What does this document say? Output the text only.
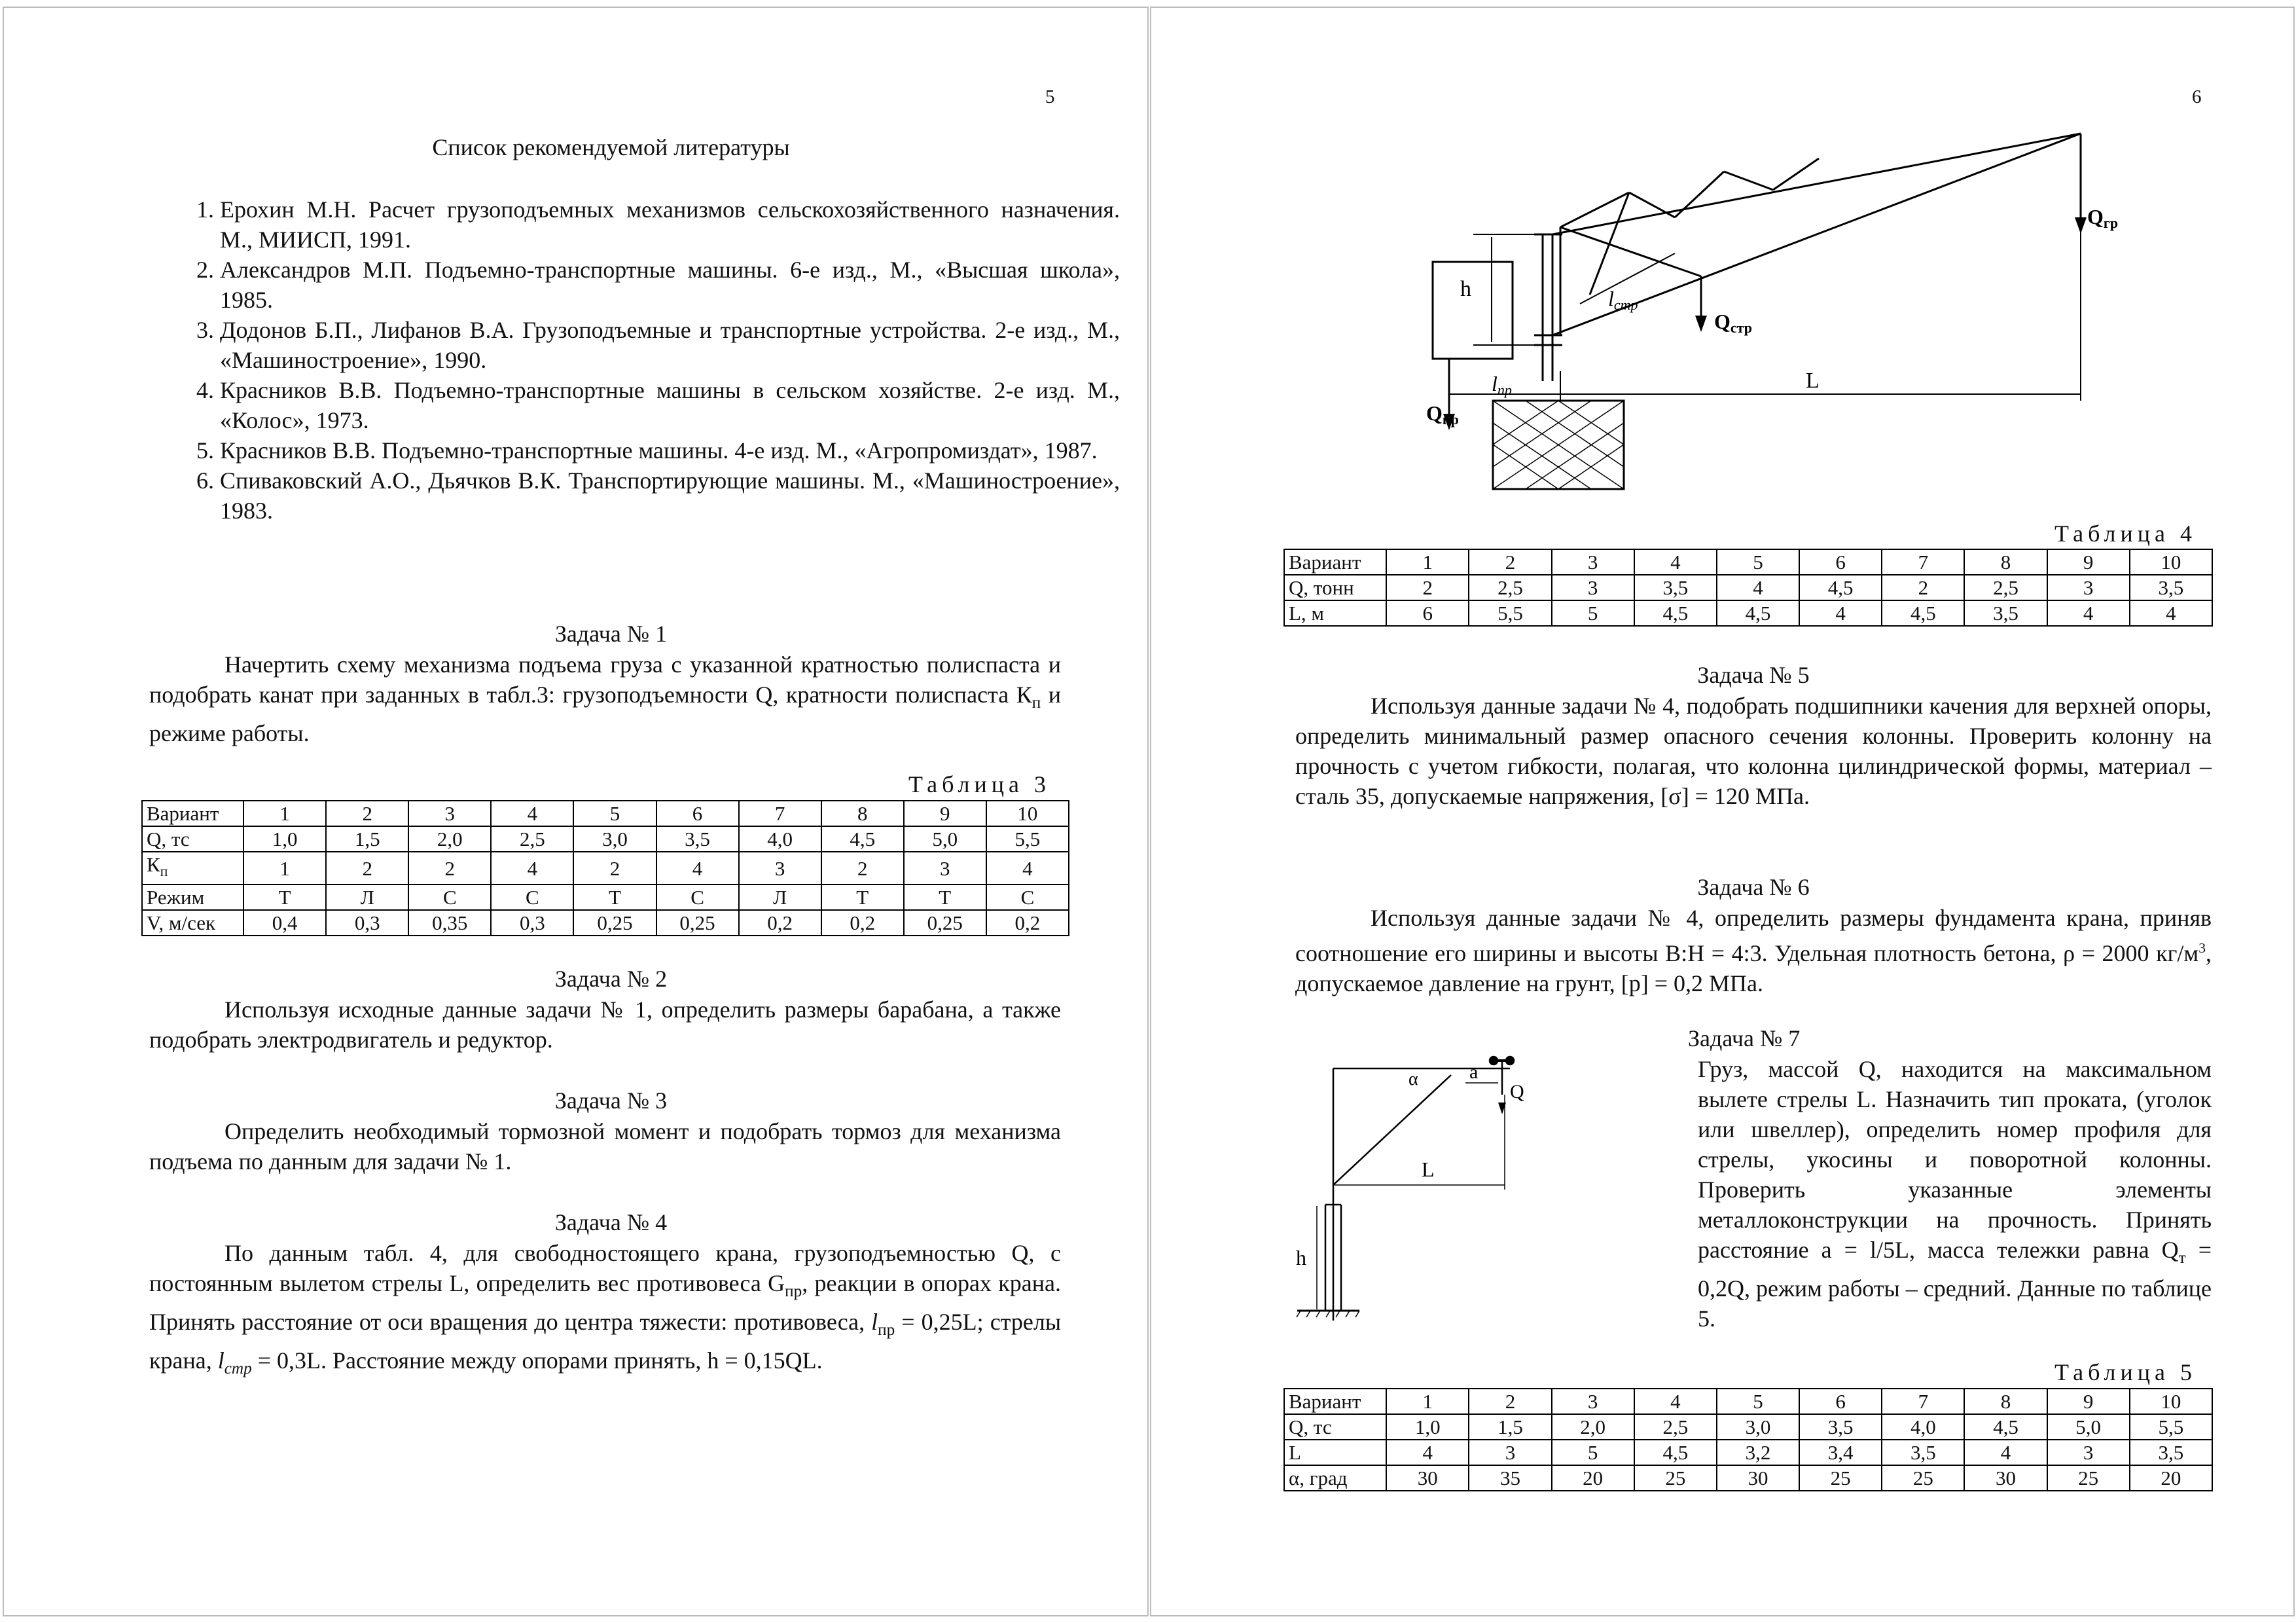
5
Список рекомендуемой литературы
1. Ерохин М.Н. Расчет грузоподъемных механизмов сельскохозяйственного назначения. М., МИИСП, 1991.
2. Александров М.П. Подъемно-транспортные машины. 6-е изд., М., «Высшая школа», 1985.
3. Додонов Б.П., Лифанов В.А. Грузоподъемные и транспортные устройства. 2-е изд., М., «Машиностроение», 1990.
4. Красников В.В. Подъемно-транспортные машины в сельском хозяйстве. 2-е изд. М., «Колос», 1973.
5. Красников В.В. Подъемно-транспортные машины. 4-е изд. М., «Агропромиздат», 1987.
6. Спиваковский А.О., Дьячков В.К. Транспортирующие машины. М., «Машиностроение», 1983.
Задача № 1
Начертить схему механизма подъема груза с указанной кратностью полиспаста и подобрать канат при заданных в табл.3: грузоподъемности Q, кратности полиспаста $К_п$ и режиме работы.
Таблица 3
Вариант	1	2	3	4	5	6	7	8	9	10
Q, тс	1,0	1,5	2,0	2,5	3,0	3,5	4,0	4,5	5,0	5,5
$К_п$	1	2	2	4	2	4	3	2	3	4
Режим	Т	Л	С	С	Т	С	Л	Т	Т	С
V, м/сек	0,4	0,3	0,35	0,3	0,25	0,25	0,2	0,2	0,25	0,2
Задача № 2
Используя исходные данные задачи № 1, определить размеры барабана, а также подобрать электродвигатель и редуктор.
Задача № 3
Определить необходимый тормозной момент и подобрать тормоз для механизма подъема по данным для задачи № 1.
Задача № 4
По данным табл. 4, для свободностоящего крана, грузоподъемностью Q, с постоянным вылетом стрелы L, определить вес противовеса $G_{пр}$, реакции в опорах крана. Принять расстояние от оси вращения до центра тяжести: противовеса, $l_{пр} = 0,25L$; стрелы крана, $l_{стр} = 0,3L$. Расстояние между опорами принять, h = 0,15QL.
6
h
Qгр
lстр
Qстр
lпр	L
Qпр
Таблица 4
Вариант	1	2	3	4	5	6	7	8	9	10
Q, тонн	2	2,5	3	3,5	4	4,5	2	2,5	3	3,5
L, м	6	5,5	5	4,5	4,5	4	4,5	3,5	4	4
Задача № 5
Используя данные задачи № 4, подобрать подшипники качения для верхней опоры, определить минимальный размер опасного сечения колонны. Проверить колонну на прочность с учетом гибкости, полагая, что колонна цилиндрической формы, материал – сталь 35, допускаемые напряжения, [σ] = 120 МПа.
Задача № 6
Используя данные задачи № 4, определить размеры фундамента крана, приняв соотношение его ширины и высоты В:Н = 4:3. Удельная плотность бетона, ρ = 2000 $кг/м^3$, допускаемое давление на грунт, [р] = 0,2 МПа.
Задача № 7
α	a
Q
L
h
Груз, массой Q, находится на максимальном вылете стрелы L. Назначить тип проката, (уголок или швеллер), определить номер профиля для стрелы, укосины и поворотной колонны. Проверить указанные элементы металлоконструкции на прочность. Принять расстояние а = l/5L, масса тележки равна $Q_т = 0,2Q$, режим работы – средний. Данные по таблице 5.
Таблица 5
Вариант	1	2	3	4	5	6	7	8	9	10
Q, тс	1,0	1,5	2,0	2,5	3,0	3,5	4,0	4,5	5,0	5,5
L	4	3	5	4,5	3,2	3,4	3,5	4	3	3,5
α, град	30	35	20	25	30	25	25	30	25	20
